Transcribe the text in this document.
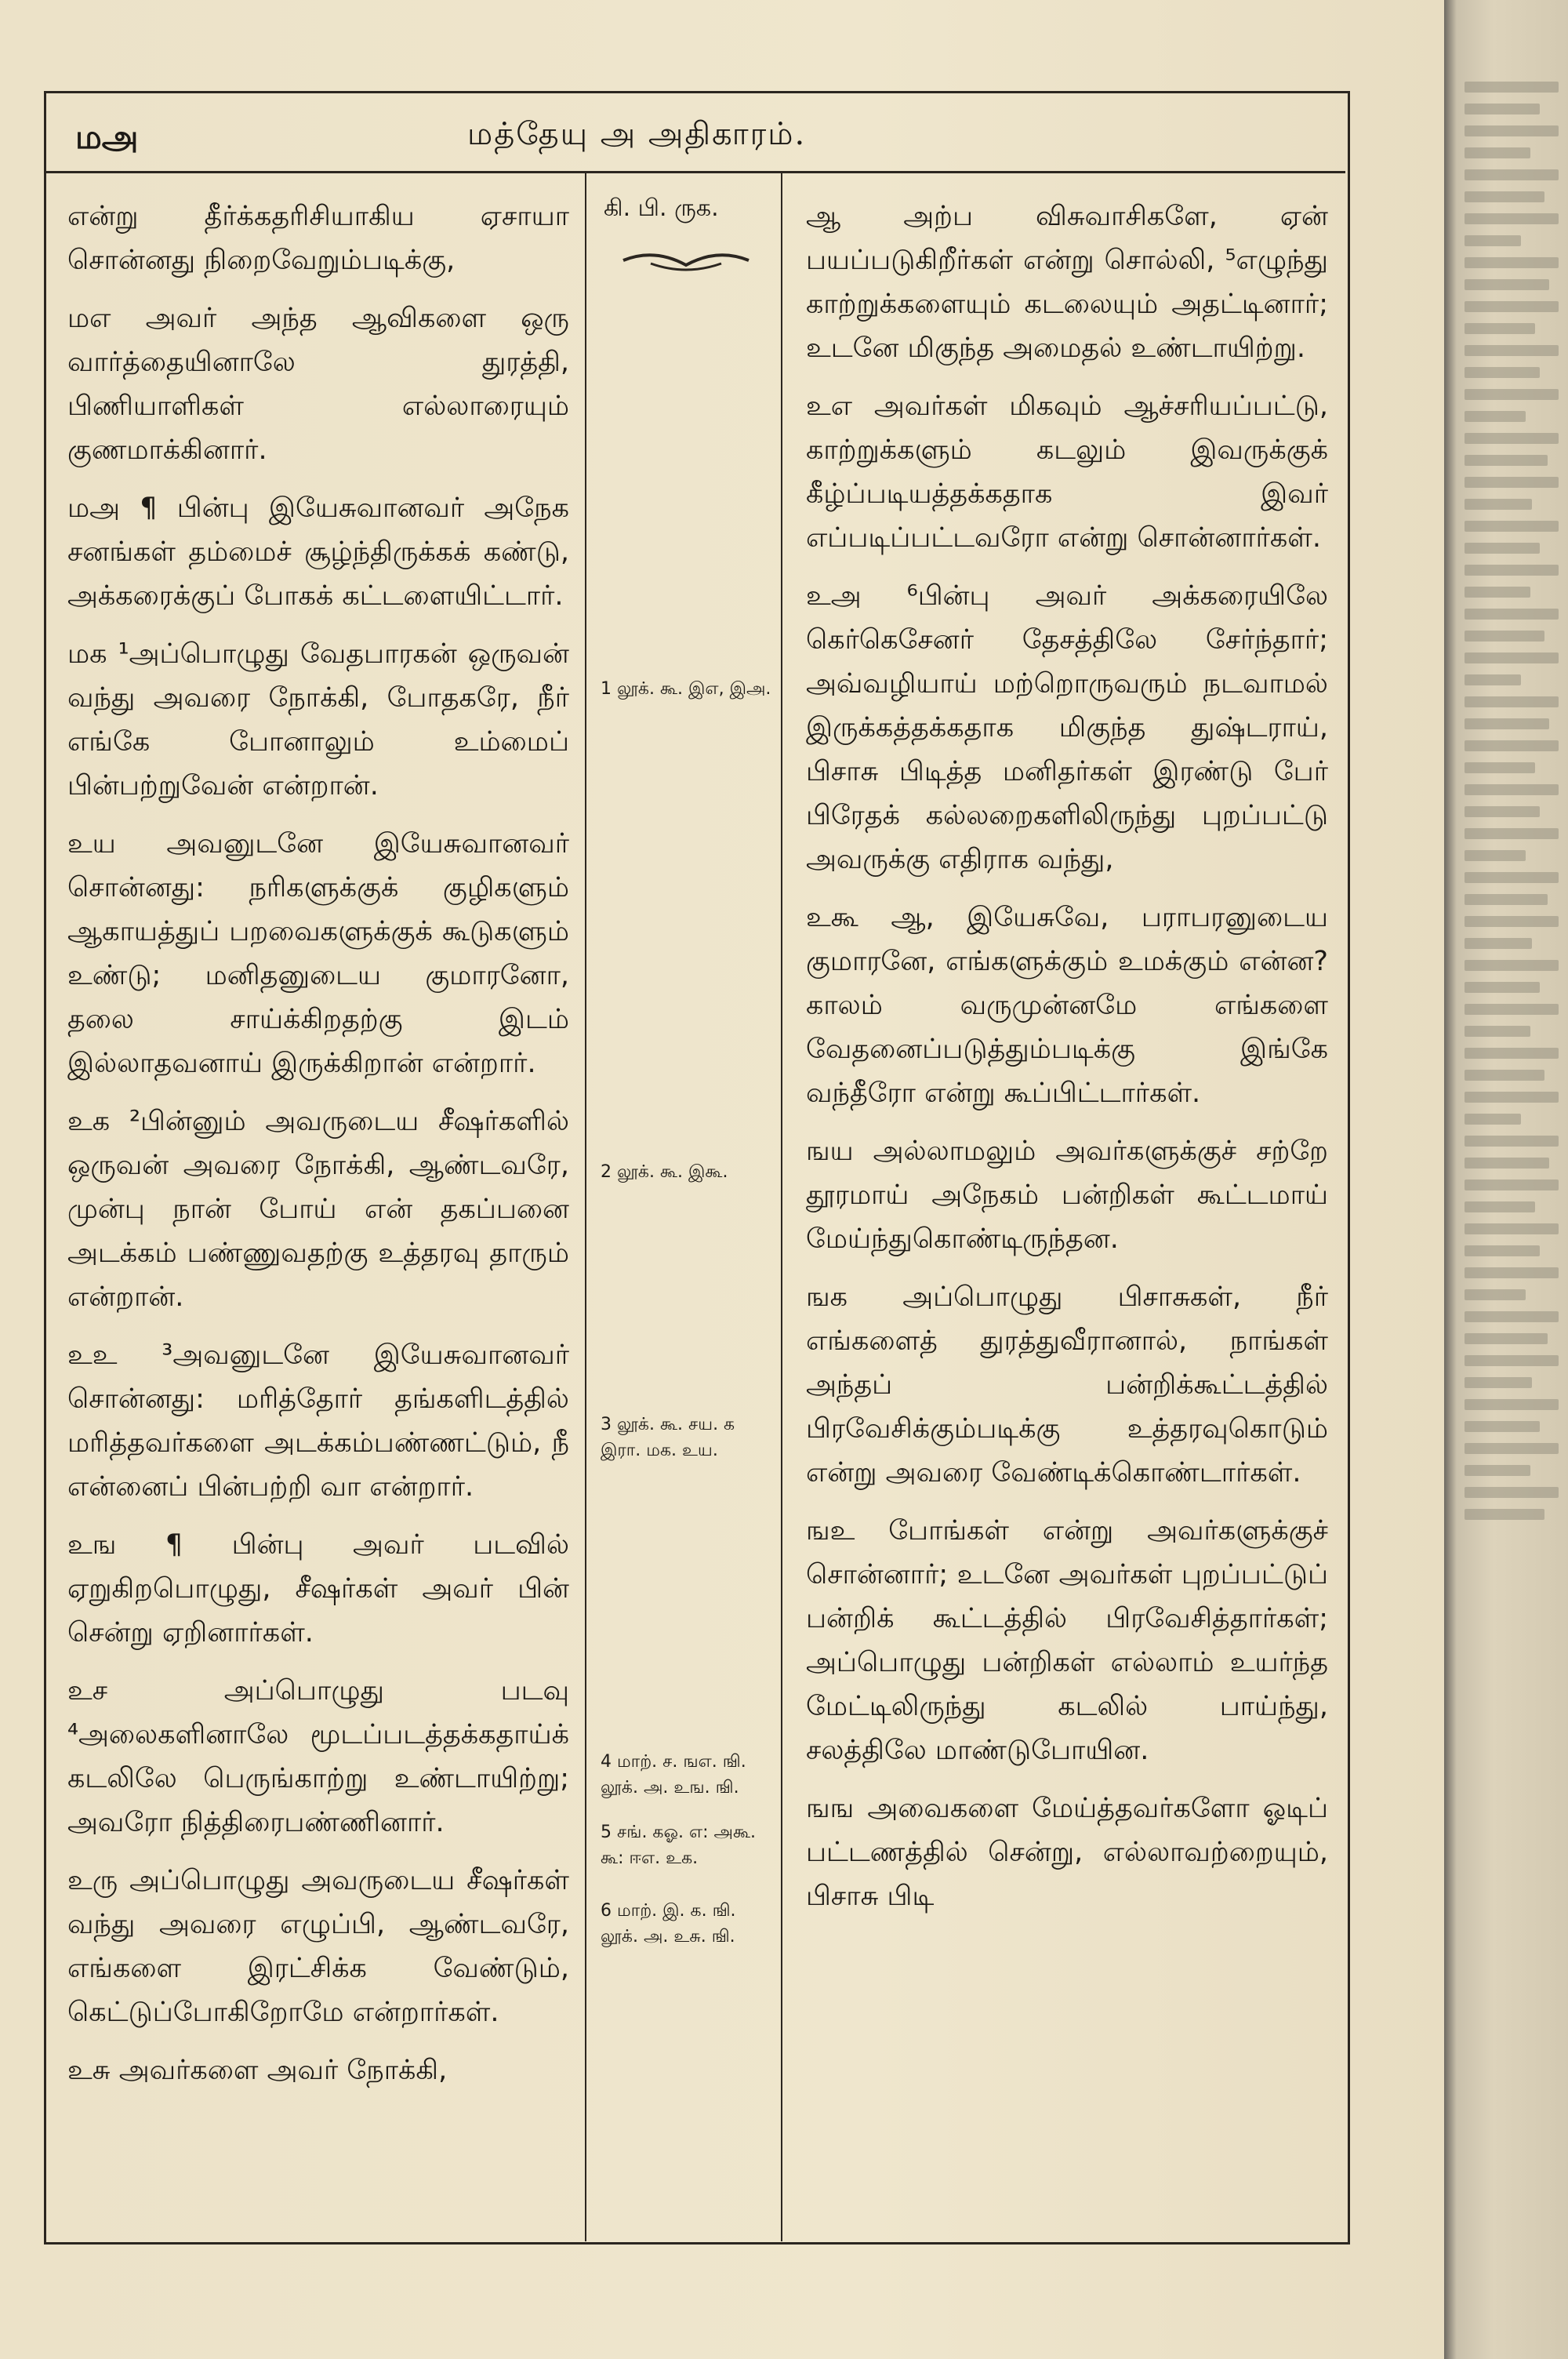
மஅ	மத்தேயு அ அதிகாரம்.

என்று தீர்க்கதரிசியாகிய ஏசாயா சொன்னது நிறைவேறும்படிக்கு,

மஎ அவர் அந்த ஆவிகளை ஒரு வார்த்தையினாலே துரத்தி, பிணியாளிகள் எல்லாரையும் குணமாக்கினார்.

மஅ ¶ பின்பு இயேசுவானவர் அநேக சனங்கள் தம்மைச் சூழ்ந்திருக்கக் கண்டு, அக்கரைக்குப் போகக் கட்டளையிட்டார்.

மக ¹அப்பொழுது வேதபாரகன் ஒருவன் வந்து அவரை நோக்கி, போதகரே, நீர் எங்கே போனாலும் உம்மைப் பின்பற்றுவேன் என்றான்.

உய அவனுடனே இயேசுவானவர் சொன்னது: நரிகளுக்குக் குழிகளும் ஆகாயத்துப் பறவைகளுக்குக் கூடுகளும் உண்டு; மனிதனுடைய குமாரனோ, தலை சாய்க்கிறதற்கு இடம் இல்லாதவனாய் இருக்கிறான் என்றார்.

உக ²பின்னும் அவருடைய சீஷர்களில் ஒருவன் அவரை நோக்கி, ஆண்டவரே, முன்பு நான் போய் என் தகப்பனை அடக்கம் பண்ணுவதற்கு உத்தரவு தாரும் என்றான்.

உஉ ³அவனுடனே இயேசுவானவர் சொன்னது: மரித்தோர் தங்களிடத்தில் மரித்தவர்களை அடக்கம்பண்ணட்டும், நீ என்னைப் பின்பற்றி வா என்றார்.

உங ¶ பின்பு அவர் படவில் ஏறுகிறபொழுது, சீஷர்கள் அவர் பின் சென்று ஏறினார்கள்.

உச அப்பொழுது படவு ⁴அலைகளினாலே மூடப்படத்தக்கதாய்க் கடலிலே பெருங்காற்று உண்டாயிற்று; அவரோ நித்திரைபண்ணினார்.

உரு அப்பொழுது அவருடைய சீஷர்கள் வந்து அவரை எழுப்பி, ஆண்டவரே, எங்களை இரட்சிக்க வேண்டும், கெட்டுப்போகிறோமே என்றார்கள்.

உசு அவர்களை அவர் நோக்கி,

கி. பி. ருக.
1 லூக். கூ. இஎ, இஅ.
2 லூக். கூ. இகூ.
3 லூக். கூ. சய. க இரா. மக. உய.
4 மாற். ச. ஙஎ. ஙி. லூக். அ. உங. ஙி.
5 சங். கஓ. எ: அகூ. கூ: ஈஎ. உக.
6 மாற். இ. க. ஙி. லூக். அ. உசு. ஙி.

ஆ அற்ப விசுவாசிகளே, ஏன் பயப்படுகிறீர்கள் என்று சொல்லி, ⁵எழுந்து காற்றுக்களையும் கடலையும் அதட்டினார்; உடனே மிகுந்த அமைதல் உண்டாயிற்று.

உஎ அவர்கள் மிகவும் ஆச்சரியப்பட்டு, காற்றுக்களும் கடலும் இவருக்குக் கீழ்ப்படியத்தக்கதாக இவர் எப்படிப்பட்டவரோ என்று சொன்னார்கள்.

உஅ ⁶பின்பு அவர் அக்கரையிலே கெர்கெசேனர் தேசத்திலே சேர்ந்தார்; அவ்வழியாய் மற்றொருவரும் நடவாமல் இருக்கத்தக்கதாக மிகுந்த துஷ்டராய், பிசாசு பிடித்த மனிதர்கள் இரண்டு பேர் பிரேதக் கல்லறைகளிலிருந்து புறப்பட்டு அவருக்கு எதிராக வந்து,

உகூ ஆ, இயேசுவே, பராபரனுடைய குமாரனே, எங்களுக்கும் உமக்கும் என்ன? காலம் வருமுன்னமே எங்களை வேதனைப்படுத்தும்படிக்கு இங்கே வந்தீரோ என்று கூப்பிட்டார்கள்.

ஙய அல்லாமலும் அவர்களுக்குச் சற்றே தூரமாய் அநேகம் பன்றிகள் கூட்டமாய் மேய்ந்துகொண்டிருந்தன.

ஙக அப்பொழுது பிசாசுகள், நீர் எங்களைத் துரத்துவீரானால், நாங்கள் அந்தப் பன்றிக்கூட்டத்தில் பிரவேசிக்கும்படிக்கு உத்தரவுகொடும் என்று அவரை வேண்டிக்கொண்டார்கள்.

ஙஉ போங்கள் என்று அவர்களுக்குச் சொன்னார்; உடனே அவர்கள் புறப்பட்டுப் பன்றிக் கூட்டத்தில் பிரவேசித்தார்கள்; அப்பொழுது பன்றிகள் எல்லாம் உயர்ந்த மேட்டிலிருந்து கடலில் பாய்ந்து, சலத்திலே மாண்டுபோயின.

ஙங அவைகளை மேய்த்தவர்களோ ஓடிப் பட்டணத்தில் சென்று, எல்லாவற்றையும், பிசாசு பிடி
